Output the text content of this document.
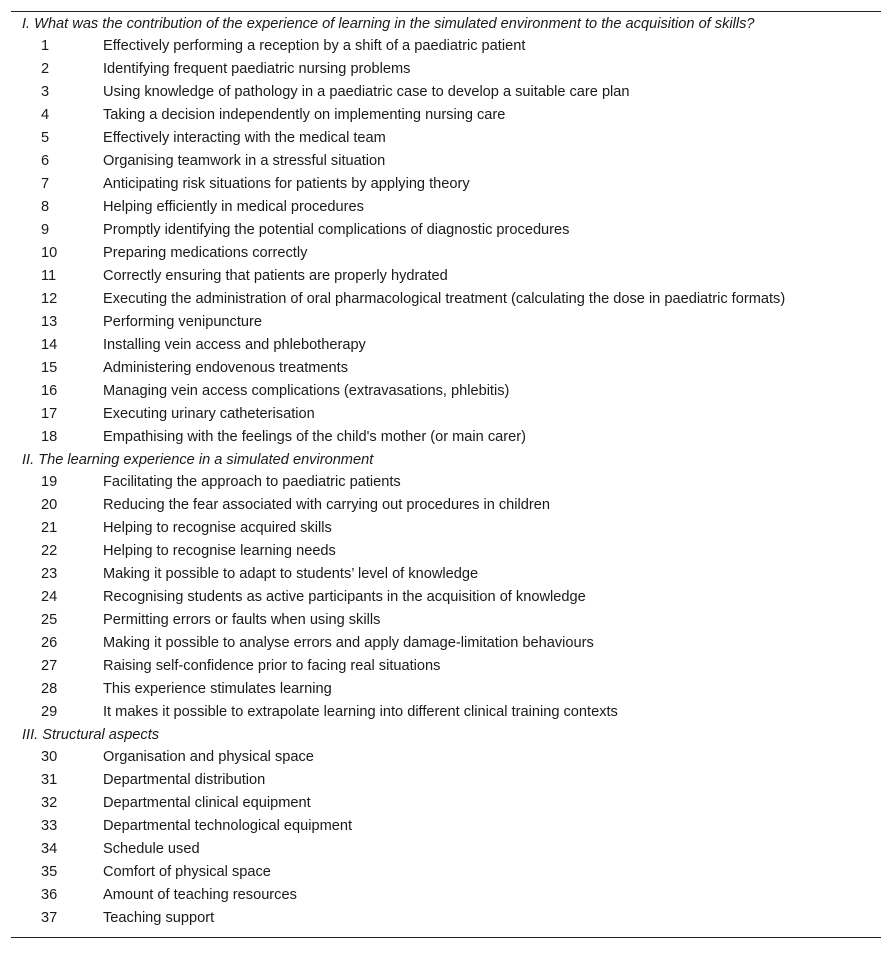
I. What was the contribution of the experience of learning in the simulated environment to the acquisition of skills?
1	Effectively performing a reception by a shift of a paediatric patient
2	Identifying frequent paediatric nursing problems
3	Using knowledge of pathology in a paediatric case to develop a suitable care plan
4	Taking a decision independently on implementing nursing care
5	Effectively interacting with the medical team
6	Organising teamwork in a stressful situation
7	Anticipating risk situations for patients by applying theory
8	Helping efficiently in medical procedures
9	Promptly identifying the potential complications of diagnostic procedures
10	Preparing medications correctly
11	Correctly ensuring that patients are properly hydrated
12	Executing the administration of oral pharmacological treatment (calculating the dose in paediatric formats)
13	Performing venipuncture
14	Installing vein access and phlebotherapy
15	Administering endovenous treatments
16	Managing vein access complications (extravasations, phlebitis)
17	Executing urinary catheterisation
18	Empathising with the feelings of the child's mother (or main carer)
II. The learning experience in a simulated environment
19	Facilitating the approach to paediatric patients
20	Reducing the fear associated with carrying out procedures in children
21	Helping to recognise acquired skills
22	Helping to recognise learning needs
23	Making it possible to adapt to students’ level of knowledge
24	Recognising students as active participants in the acquisition of knowledge
25	Permitting errors or faults when using skills
26	Making it possible to analyse errors and apply damage-limitation behaviours
27	Raising self-confidence prior to facing real situations
28	This experience stimulates learning
29	It makes it possible to extrapolate learning into different clinical training contexts
III. Structural aspects
30	Organisation and physical space
31	Departmental distribution
32	Departmental clinical equipment
33	Departmental technological equipment
34	Schedule used
35	Comfort of physical space
36	Amount of teaching resources
37	Teaching support
